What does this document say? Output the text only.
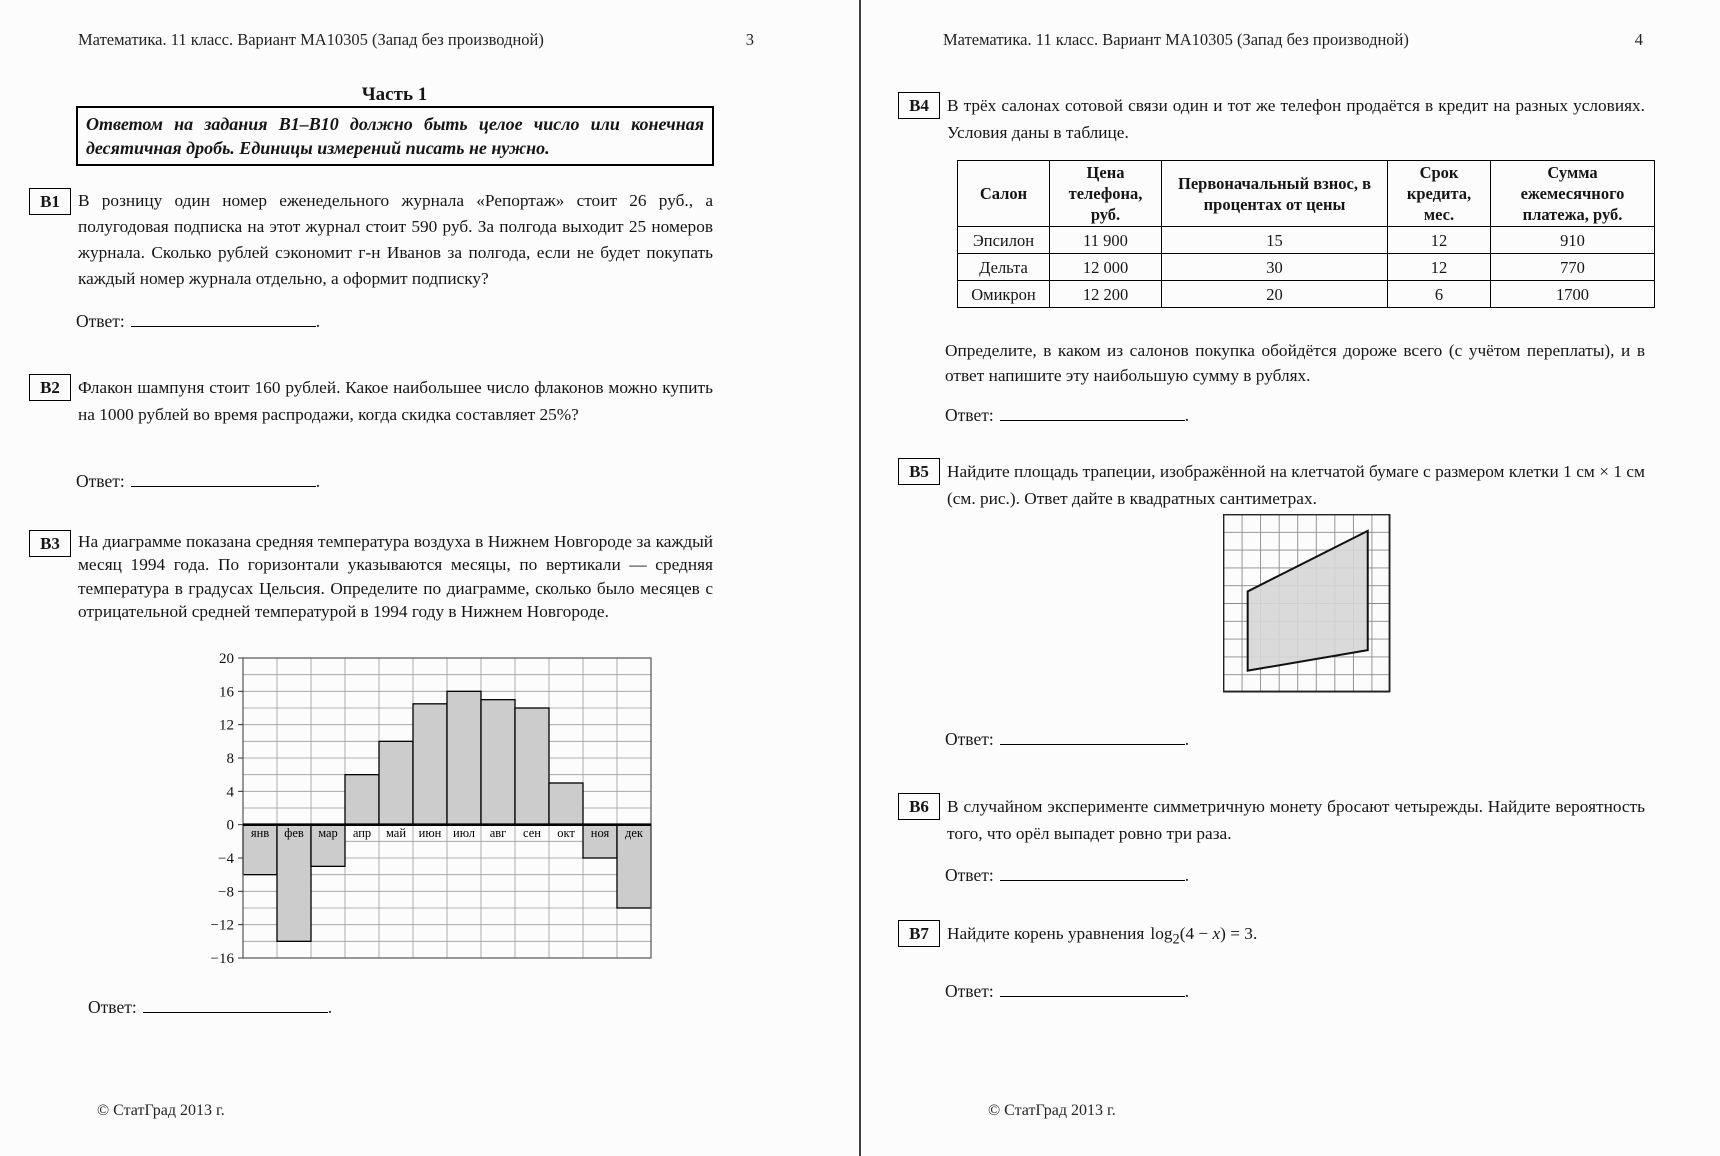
Математика. 11 класс. Вариант МА10305 (Запад без производной)	3
Часть 1
Ответом на задания В1–В10 должно быть целое число или конечная десятичная дробь. Единицы измерений писать не нужно.
В1	В розницу один номер еженедельного журнала «Репортаж» стоит 26 руб., а полугодовая подписка на этот журнал стоит 590 руб. За полгода выходит 25 номеров журнала. Сколько рублей сэкономит г-н Иванов за полгода, если не будет покупать каждый номер журнала отдельно, а оформит подписку?
Ответ:	.
В2	Флакон шампуня стоит 160 рублей. Какое наибольшее число флаконов можно купить на 1000 рублей во время распродажи, когда скидка составляет 25%?
Ответ:	.
В3	На диаграмме показана средняя температура воздуха в Нижнем Новгороде за каждый месяц 1994 года. По горизонтали указываются месяцы, по вертикали — средняя температура в градусах Цельсия. Определите по диаграмме, сколько было месяцев с отрицательной средней температурой в 1994 году в Нижнем Новгороде.
20
16
12
8
4
0
−4
−8
−12
−16
янв фев мар апр май июн июл авг сен окт ноя дек
Ответ:	.
© СтатГрад 2013 г.
Математика. 11 класс. Вариант МА10305 (Запад без производной)	4
В4	В трёх салонах сотовой связи один и тот же телефон продаётся в кредит на разных условиях. Условия даны в таблице.
Салон	Цена телефона, руб.	Первоначальный взнос, в процентах от цены	Срок кредита, мес.	Сумма ежемесячного платежа, руб.
Эпсилон	11 900	15	12	910
Дельта	12 000	30	12	770
Омикрон	12 200	20	6	1700
Определите, в каком из салонов покупка обойдётся дороже всего (с учётом переплаты), и в ответ напишите эту наибольшую сумму в рублях.
Ответ:	.
В5	Найдите площадь трапеции, изображённой на клетчатой бумаге с размером клетки 1 см × 1 см (см. рис.). Ответ дайте в квадратных сантиметрах.
Ответ:	.
В6	В случайном эксперименте симметричную монету бросают четырежды. Найдите вероятность того, что орёл выпадет ровно три раза.
Ответ:	.
В7	Найдите корень уравнения $\log_2(4 - x) = 3$.
Ответ:	.
© СтатГрад 2013 г.
